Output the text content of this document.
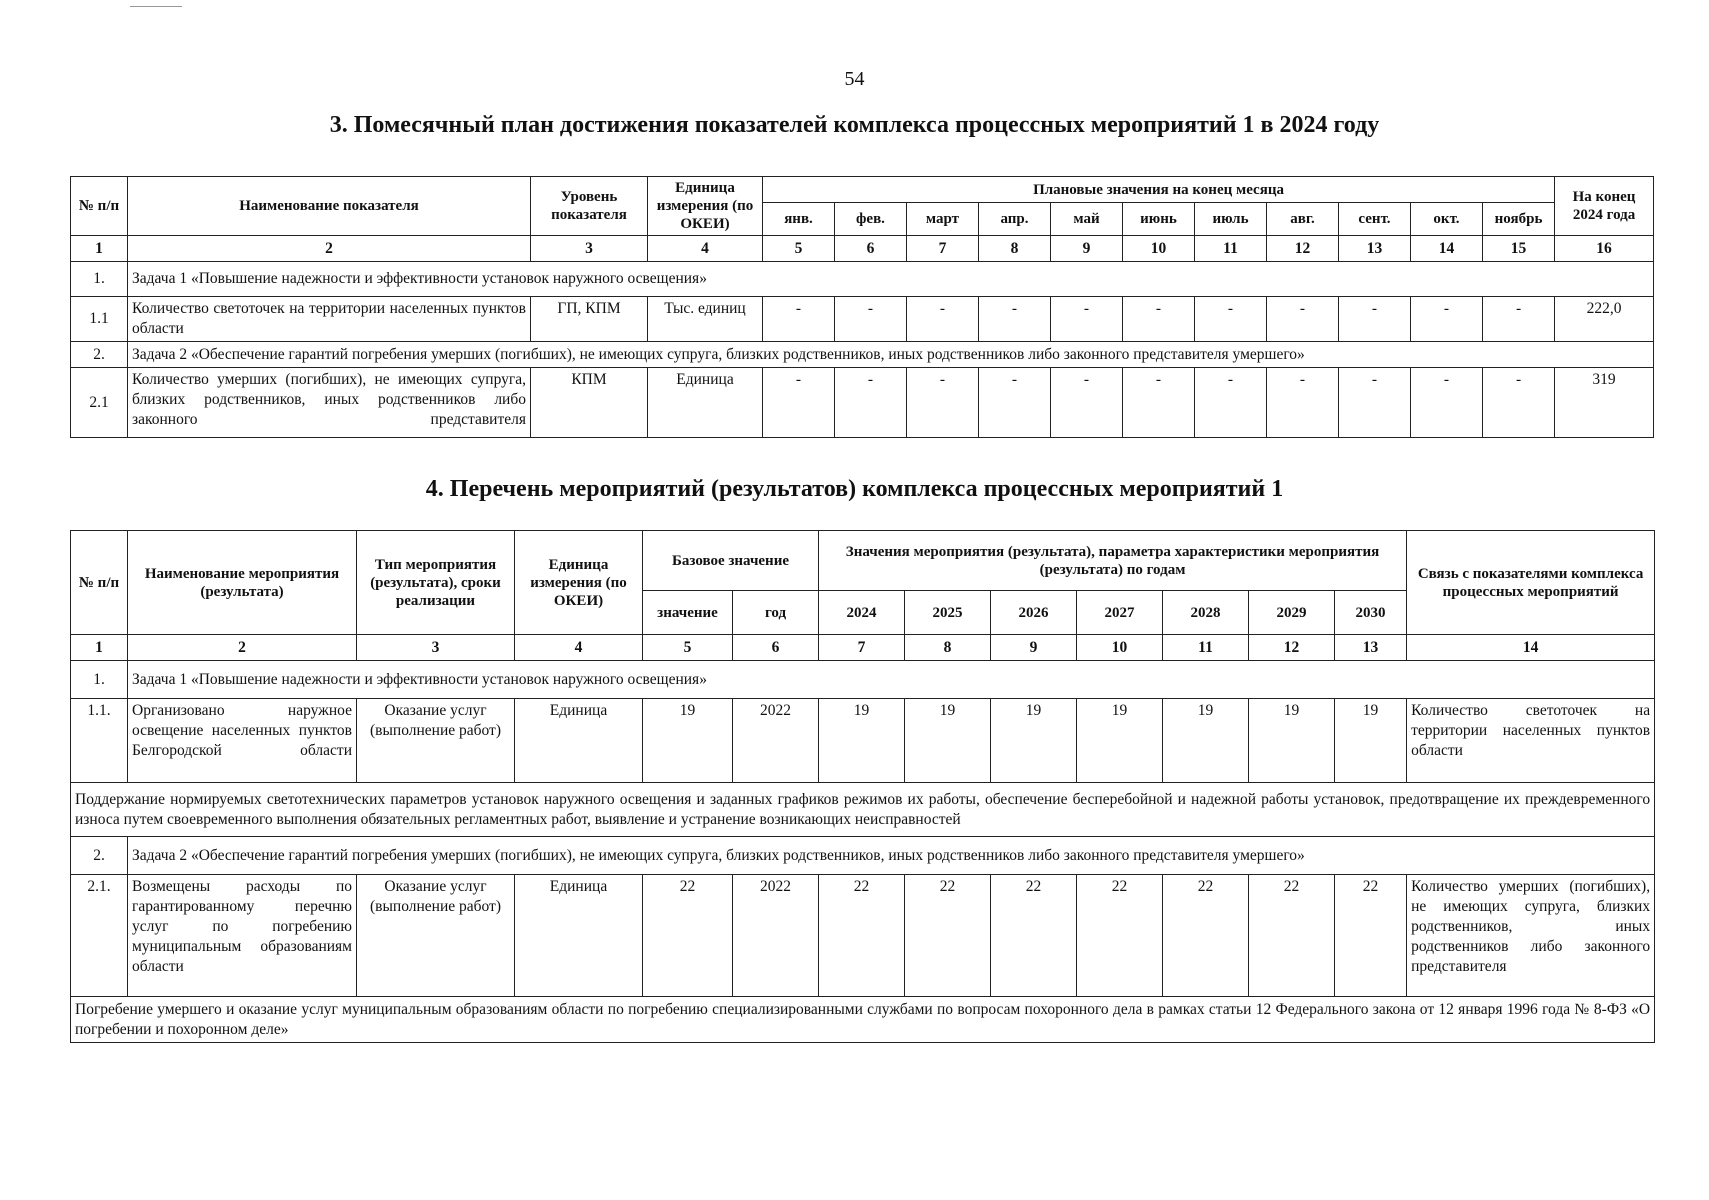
54
3. Помесячный план достижения показателей комплекса процессных мероприятий 1 в 2024 году
№ п/п	Наименование показателя	Уровень показателя	Единица измерения (по ОКЕИ)	Плановые значения на конец месяца											На конец 2024 года
				янв.	фев.	март	апр.	май	июнь	июль	авг.	сент.	окт.	ноябрь	
1	2	3	4	5	6	7	8	9	10	11	12	13	14	15	16
1.	Задача 1 «Повышение надежности и эффективности установок наружного освещения»														
1.1	Количество светоточек на территории населенных пунктов области	ГП, КПМ	Тыс. единиц	-	-	-	-	-	-	-	-	-	-	-	222,0
2.	Задача 2 «Обеспечение гарантий погребения умерших (погибших), не имеющих супруга, близких родственников, иных родственников либо законного представителя умершего»														
2.1	Количество умерших (погибших), не имеющих супруга, близких родственников, иных родственников либо законного представителя	КПМ	Единица	-	-	-	-	-	-	-	-	-	-	-	319
4. Перечень мероприятий (результатов) комплекса процессных мероприятий 1
№ п/п	Наименование мероприятия (результата)	Тип мероприятия (результата), сроки реализации	Единица измерения (по ОКЕИ)	Базовое значение		Значения мероприятия (результата), параметра характеристики мероприятия (результата) по годам							Связь с показателями комплекса процессных мероприятий
				значение	год	2024	2025	2026	2027	2028	2029	2030	
1	2	3	4	5	6	7	8	9	10	11	12	13	14
1.	Задача 1 «Повышение надежности и эффективности установок наружного освещения»												
1.1.	Организовано наружное освещение населенных пунктов Белгородской области	Оказание услуг (выполнение работ)	Единица	19	2022	19	19	19	19	19	19	19	Количество светоточек на территории населенных пунктов области
Поддержание нормируемых светотехнических параметров установок наружного освещения и заданных графиков режимов их работы, обеспечение бесперебойной и надежной работы установок, предотвращение их преждевременного износа путем своевременного выполнения обязательных регламентных работ, выявление и устранение возникающих неисправностей													
2.	Задача 2 «Обеспечение гарантий погребения умерших (погибших), не имеющих супруга, близких родственников, иных родственников либо законного представителя умершего»												
2.1.	Возмещены расходы по гарантированному перечню услуг по погребению муниципальным образованиям области	Оказание услуг (выполнение работ)	Единица	22	2022	22	22	22	22	22	22	22	Количество умерших (погибших), не имеющих супруга, близких родственников, иных родственников либо законного представителя
Погребение умершего и оказание услуг муниципальным образованиям области по погребению специализированными службами по вопросам похоронного дела в рамках статьи 12 Федерального закона от 12 января 1996 года № 8-ФЗ «О погребении и похоронном деле»													
